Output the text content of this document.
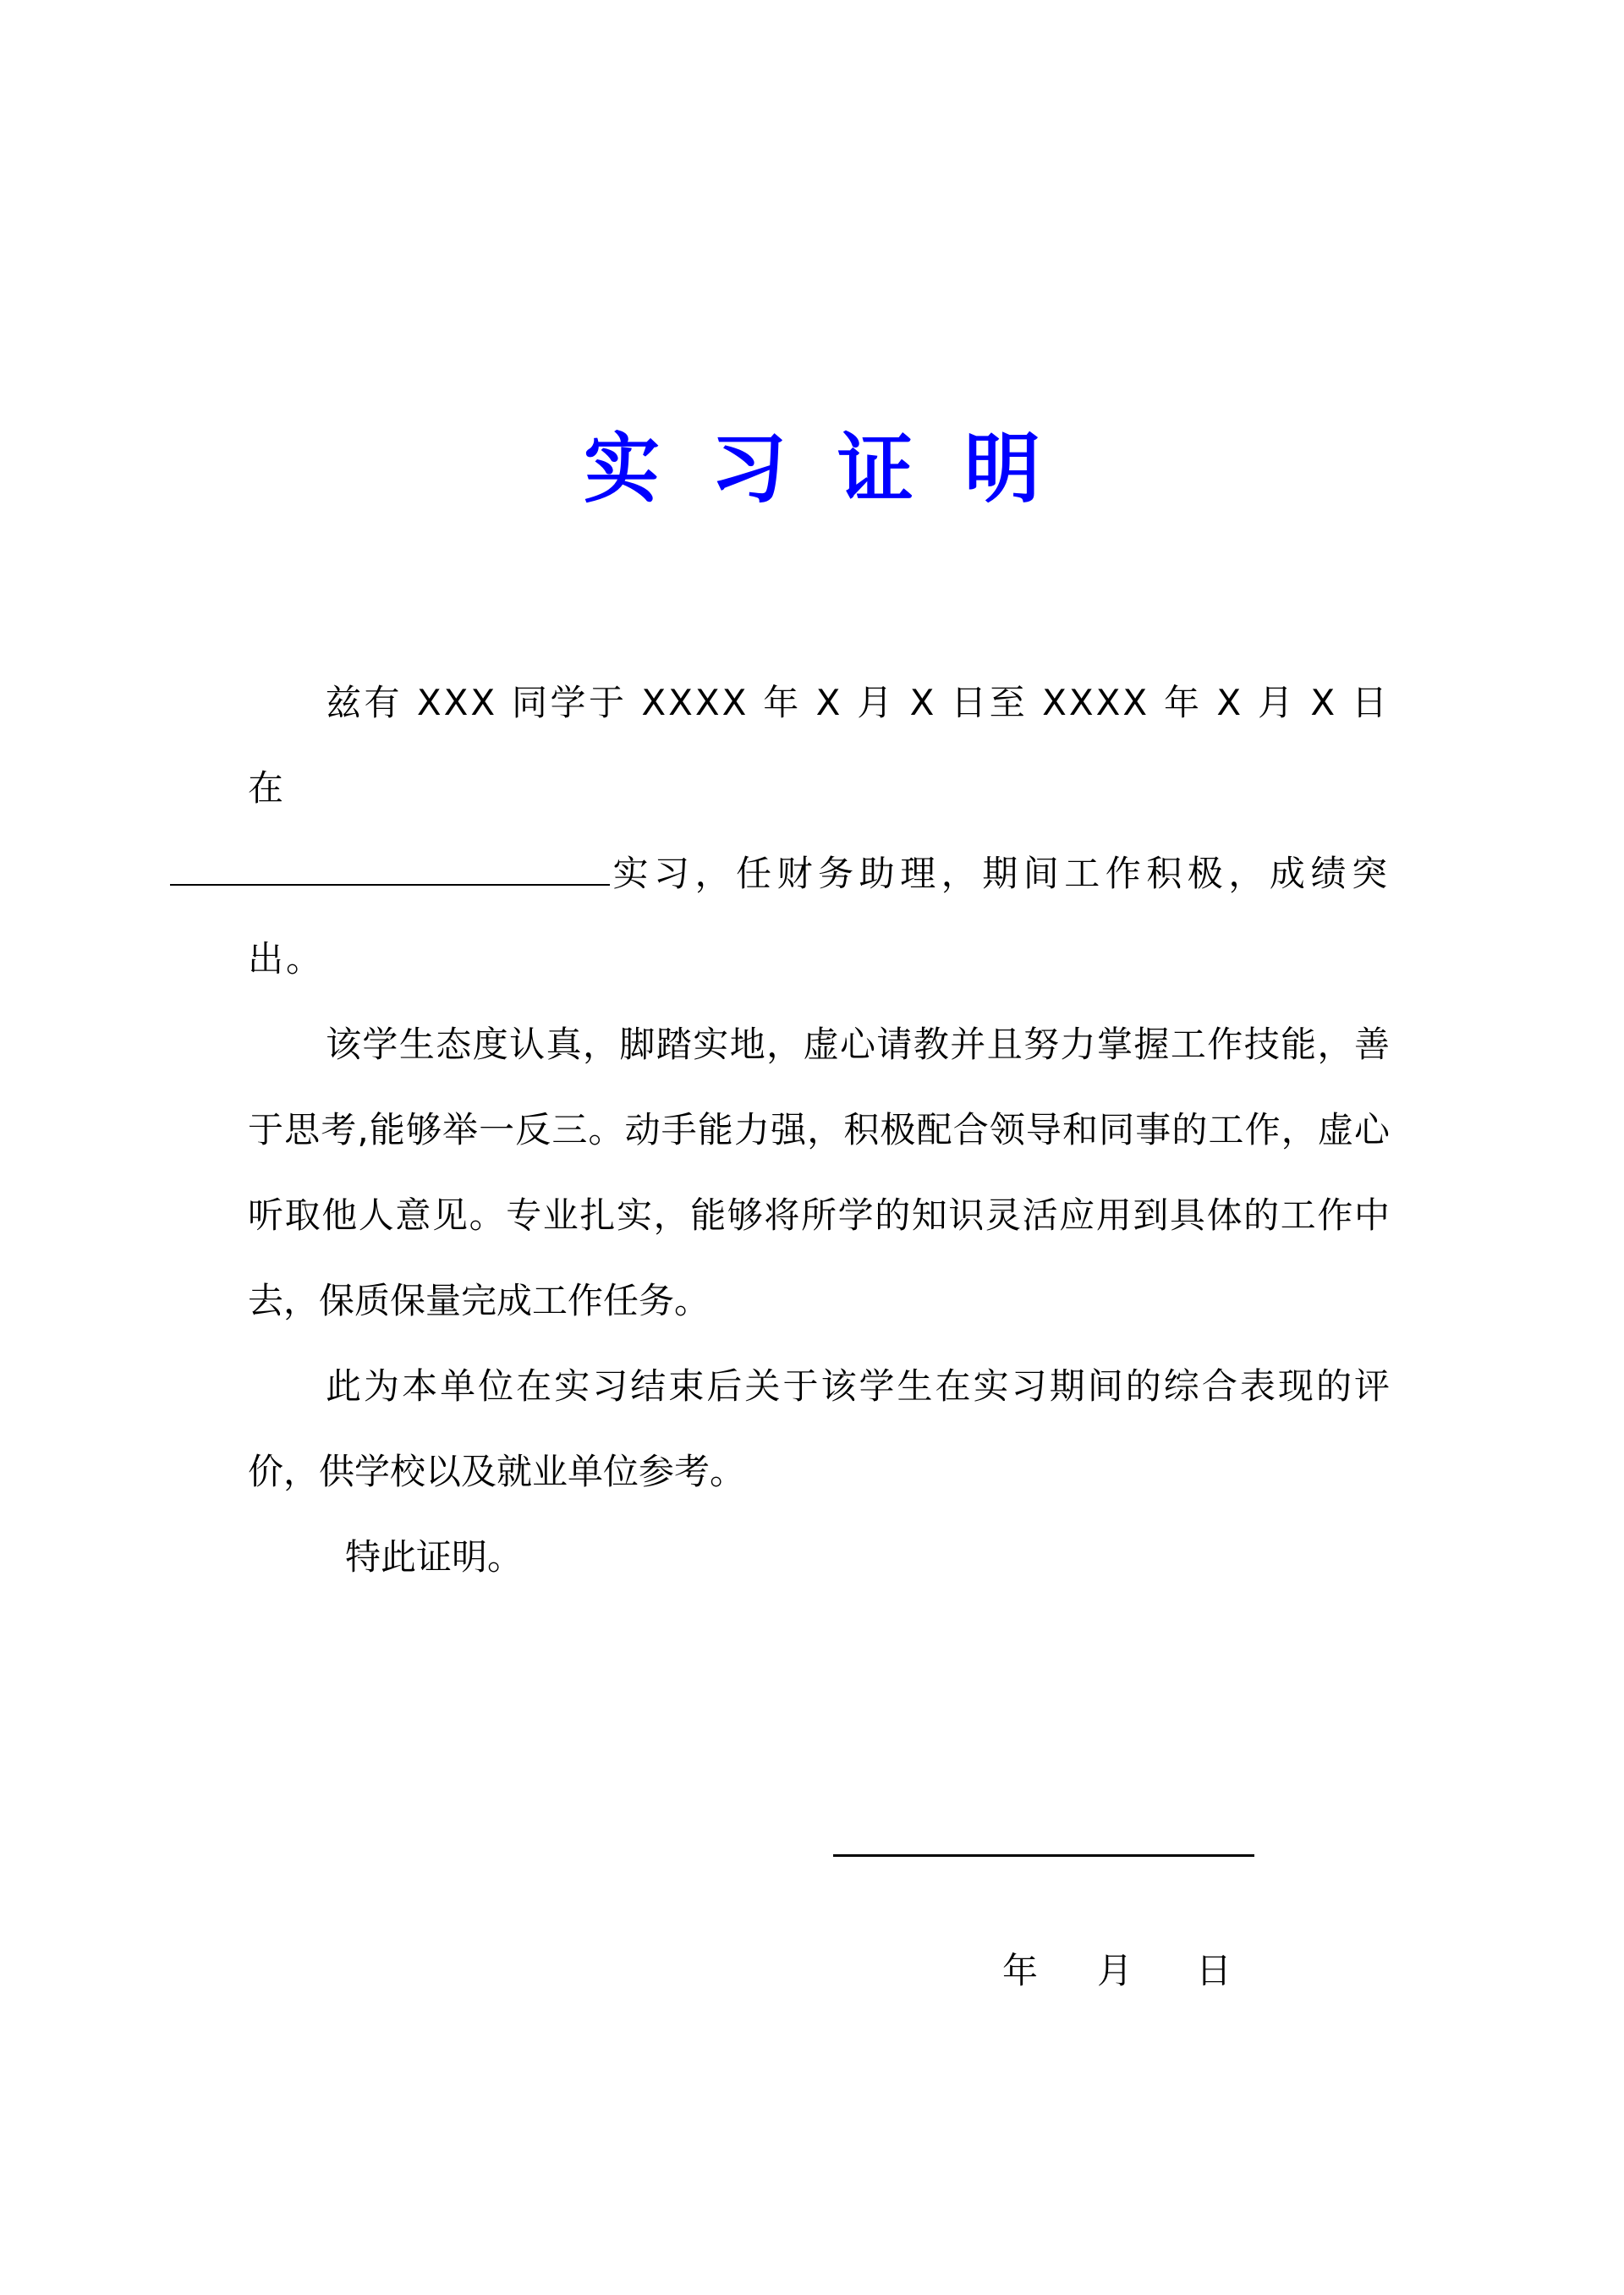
实习证明

兹有 XXX 同学于 XXXX 年 X 月 X 日至 XXXX 年 X 月 X 日在
实习，任财务助理，期间工作积极，成绩突出。

该学生态度认真，脚踏实地，虚心请教并且努力掌握工作技能，善于思考,能够举一反三。动手能力强，积极配合领导和同事的工作，虚心听取他人意见。专业扎实，能够将所学的知识灵活应用到具体的工作中去，保质保量完成工作任务。

此为本单位在实习结束后关于该学生在实习期间的综合表现的评价，供学校以及就业单位参考。

特此证明。

年 月 日
